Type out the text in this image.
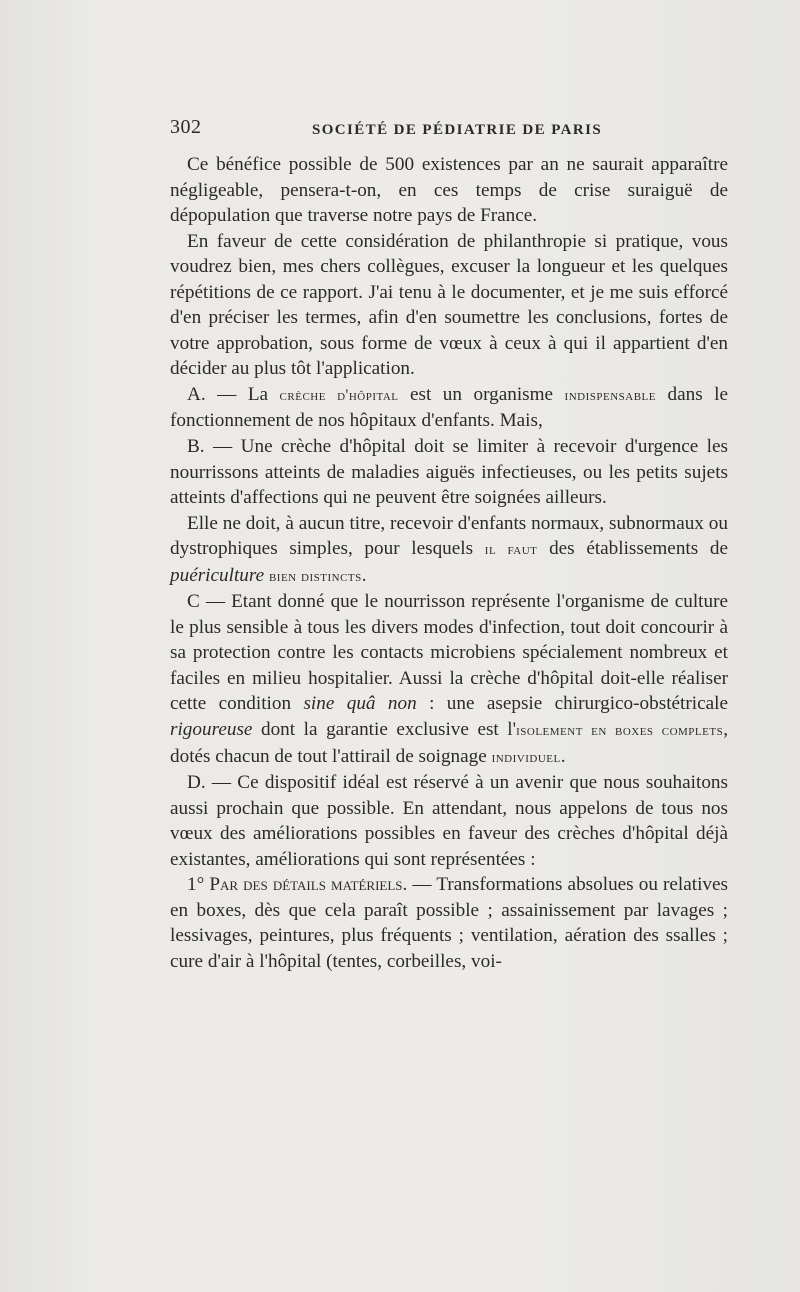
302	SOCIÉTÉ DE PÉDIATRIE DE PARIS

Ce bénéfice possible de 500 existences par an ne saurait apparaître négligeable, pensera-t-on, en ces temps de crise suraiguë de dépopulation que traverse notre pays de France.

En faveur de cette considération de philanthropie si pratique, vous voudrez bien, mes chers collègues, excuser la longueur et les quelques répétitions de ce rapport. J'ai tenu à le documenter, et je me suis efforcé d'en préciser les termes, afin d'en soumettre les conclusions, fortes de votre approbation, sous forme de vœux à ceux à qui il appartient d'en décider au plus tôt l'application.

A. — La crèche d'hôpital est un organisme indispensable dans le fonctionnement de nos hôpitaux d'enfants. Mais,

B. — Une crèche d'hôpital doit se limiter à recevoir d'urgence les nourrissons atteints de maladies aiguës infectieuses, ou les petits sujets atteints d'affections qui ne peuvent être soignées ailleurs.

Elle ne doit, à aucun titre, recevoir d'enfants normaux, subnormaux ou dystrophiques simples, pour lesquels il faut des établissements de puériculture bien distincts.

C — Etant donné que le nourrisson représente l'organisme de culture le plus sensible à tous les divers modes d'infection, tout doit concourir à sa protection contre les contacts microbiens spécialement nombreux et faciles en milieu hospitalier. Aussi la crèche d'hôpital doit-elle réaliser cette condition sine quâ non : une asepsie chirurgico-obstétricale rigoureuse dont la garantie exclusive est l'isolement en boxes complets, dotés chacun de tout l'attirail de soignage individuel.

D. — Ce dispositif idéal est réservé à un avenir que nous souhaitons aussi prochain que possible. En attendant, nous appelons de tous nos vœux des améliorations possibles en faveur des crèches d'hôpital déjà existantes, améliorations qui sont représentées :

1° Par des détails matériels. — Transformations absolues ou relatives en boxes, dès que cela paraît possible ; assainissement par lavages ; lessivages, peintures, plus fréquents ; ventilation, aération des ssalles ; cure d'air à l'hôpital (tentes, corbeilles, voi-
